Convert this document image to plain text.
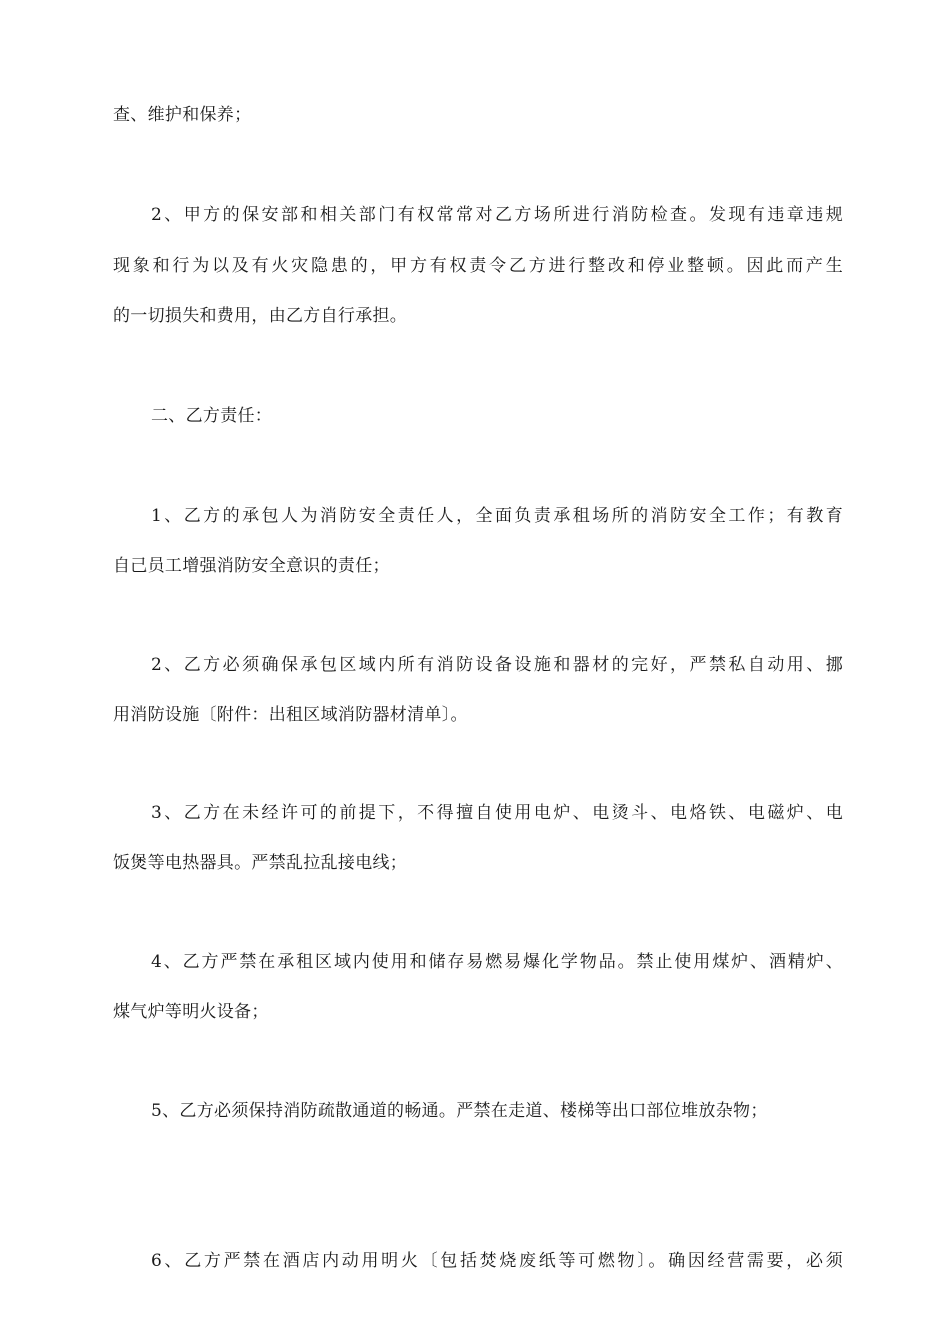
查、维护和保养；
2、甲方的保安部和相关部门有权常常对乙方场所进行消防检查。发现有违章违规
现象和行为以及有火灾隐患的，甲方有权责令乙方进行整改和停业整顿。因此而产生
的一切损失和费用，由乙方自行承担。
二、乙方责任：
1、乙方的承包人为消防安全责任人，全面负责承租场所的消防安全工作；有教育
自己员工增强消防安全意识的责任；
2、乙方必须确保承包区域内所有消防设备设施和器材的完好，严禁私自动用、挪
用消防设施〔附件：出租区域消防器材清单〕。
3、乙方在未经许可的前提下，不得擅自使用电炉、电烫斗、电烙铁、电磁炉、电
饭煲等电热器具。严禁乱拉乱接电线；
4、乙方严禁在承租区域内使用和储存易燃易爆化学物品。禁止使用煤炉、酒精炉、
煤气炉等明火设备；
5、乙方必须保持消防疏散通道的畅通。严禁在走道、楼梯等出口部位堆放杂物；
6、乙方严禁在酒店内动用明火〔包括焚烧废纸等可燃物〕。确因经营需要，必须
